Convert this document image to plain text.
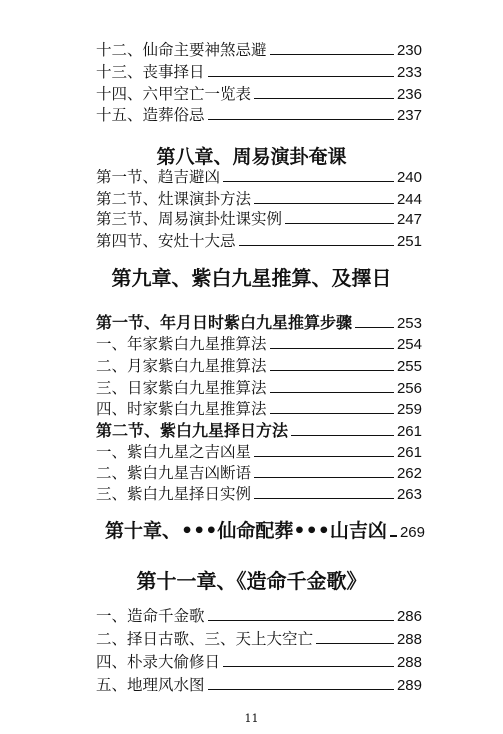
十二、仙命主要神煞忌避	230
十三、丧事择日	233
十四、六甲空亡一览表	236
十五、造葬俗忌	237
第八章、周易演卦奄课
第一节、趋吉避凶	240
第二节、灶课演卦方法	244
第三节、周易演卦灶课实例	247
第四节、安灶十大忌	251
第九章、紫白九星推算、及擇日
第一节、年月日时紫白九星推算步骤	253
一、年家紫白九星推算法	254
二、月家紫白九星推算法	255
三、日家紫白九星推算法	256
四、时家紫白九星推算法	259
第二节、紫白九星择日方法	261
一、紫白九星之吉凶星	261
二、紫白九星吉凶断语	262
三、紫白九星择日实例	263
第十章、•••仙命配葬•••山吉凶 269
第十一章、《造命千金歌》
一、造命千金歌	286
二、择日古歌、三、天上大空亡	288
四、朴录大偷修日	288
五、地理风水图	289
11
